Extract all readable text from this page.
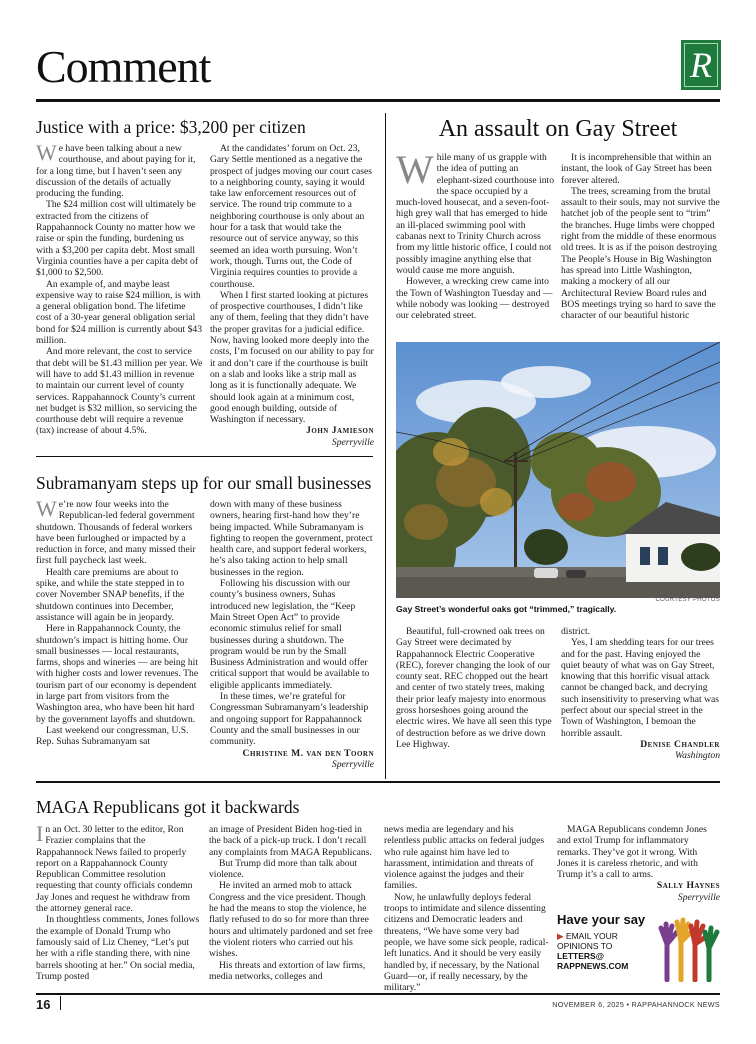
Comment	R
Justice with a price: $3,200 per citizen

We have been talking about a new courthouse, and about paying for it, for a long time, but I haven’t seen any discussion of the details of actually producing the funding.

The $24 million cost will ultimately be extracted from the citizens of Rappahannock County no matter how we raise or spin the funding, burdening us with a $3,200 per capita debt. Most small Virginia counties have a per capita debt of $1,000 to $2,500.

An example of, and maybe least expensive way to raise $24 million, is with a general obligation bond. The lifetime cost of a 30-year general obligation serial bond for $24 million is currently about $43 million.

And more relevant, the cost to service that debt will be $1.43 million per year. We will have to add $1.43 million in revenue to maintain our current level of county services. Rappahannock County’s current net budget is $32 million, so servicing the courthouse debt will require a revenue (tax) increase of about 4.5%.

At the candidates’ forum on Oct. 23, Gary Settle mentioned as a negative the prospect of judges moving our court cases to a neighboring county, saying it would take law enforcement resources out of service. The round trip commute to a neighboring courthouse is only about an hour for a task that would take the resource out of service anyway, so this seemed an idea worth pursuing. Won’t work, though. Turns out, the Code of Virginia requires counties to provide a courthouse.

When I first started looking at pictures of prospective courthouses, I didn’t like any of them, feeling that they didn’t have the proper gravitas for a judicial edifice. Now, having looked more deeply into the costs, I’m focused on our ability to pay for it and don’t care if the courthouse is built on a slab and looks like a strip mall as long as it is functionally adequate. We should look again at a minimum cost, good enough building, outside of Washington if necessary.

John Jamieson
Sperryville
An assault on Gay Street

While many of us grapple with the idea of putting an elephant-sized courthouse into the space occupied by a much-loved housecat, and a seven-foot-high grey wall that has emerged to hide an ill-placed swimming pool with cabanas next to Trinity Church across from my little historic office, I could not possibly imagine anything else that would cause me more anguish.

However, a wrecking crew came into the Town of Washington Tuesday and — while nobody was looking — destroyed our celebrated street.

It is incomprehensible that within an instant, the look of Gay Street has been forever altered.

The trees, screaming from the brutal assault to their souls, may not survive the hatchet job of the people sent to “trim” the branches. Huge limbs were chopped right from the middle of these enormous old trees. It is as if the poison destroying The People’s House in Big Washington has spread into Little Washington, making a mockery of all our Architectural Review Board rules and BOS meetings trying so hard to save the character of our beautiful historic

COURTESY PHOTOS
Gay Street’s wonderful oaks got “trimmed,” tragically.

Beautiful, full-crowned oak trees on Gay Street were decimated by Rappahannock Electric Cooperative (REC), forever changing the look of our county seat. REC chopped out the heart and center of two stately trees, making their prior leafy majesty into enormous gross horseshoes going around the electric wires. We have all seen this type of destruction before as we drive down Lee Highway.

district.

Yes, I am shedding tears for our trees and for the past. Having enjoyed the quiet beauty of what was on Gay Street, knowing that this horrific visual attack cannot be changed back, and decrying such insensitivity to preserving what was perfect about our special street in the Town of Washington, I bemoan the horrible assault.

Denise Chandler
Washington
Subramanyam steps up for our small businesses

We’re now four weeks into the Republican-led federal government shutdown. Thousands of federal workers have been furloughed or impacted by a reduction in force, and many missed their first full paycheck last week.

Health care premiums are about to spike, and while the state stepped in to cover November SNAP benefits, if the shutdown continues into December, assistance will again be in jeopardy.

Here in Rappahannock County, the shutdown’s impact is hitting home. Our small businesses — local restaurants, farms, shops and wineries — are being hit with higher costs and lower revenues. The tourism part of our economy is dependent in large part from visitors from the Washington area, who have been hit hard by the government layoffs and shutdown.

Last weekend our congressman, U.S. Rep. Suhas Subramanyam sat

down with many of these business owners, hearing first-hand how they’re being impacted. While Subramanyam is fighting to reopen the government, protect health care, and support federal workers, he’s also taking action to help small businesses in the region.

Following his discussion with our county’s business owners, Suhas introduced new legislation, the “Keep Main Street Open Act” to provide economic stimulus relief for small businesses during a shutdown. The program would be run by the Small Business Administration and would offer critical support that would be available to eligible applicants immediately.

In these times, we’re grateful for Congressman Subramanyam’s leadership and ongoing support for Rappahannock County and the small businesses in our community.

Christine M. van den Toorn
Sperryville
MAGA Republicans got it backwards

In an Oct. 30 letter to the editor, Ron Frazier complains that the Rappahannock News failed to properly report on a Rappahannock County Republican Committee resolution requesting that county officials condemn Jay Jones and request he withdraw from the attorney general race.

In thoughtless comments, Jones follows the example of Donald Trump who famously said of Liz Cheney, “Let’s put her with a rifle standing there, with nine barrels shooting at her.” On social media, Trump posted

an image of President Biden hog-tied in the back of a pick-up truck. I don’t recall any complaints from MAGA Republicans.

But Trump did more than talk about violence.

He invited an armed mob to attack Congress and the vice president. Though he had the means to stop the violence, he flatly refused to do so for more than three hours and ultimately pardoned and set free the violent rioters who carried out his wishes.

His threats and extortion of law firms, media networks, colleges and

news media are legendary and his relentless public attacks on federal judges who rule against him have led to harassment, intimidation and threats of violence against the judges and their families.

Now, he unlawfully deploys federal troops to intimidate and silence dissenting citizens and Democratic leaders and threatens, “We have some very bad people, we have some sick people, radical-left lunatics. And it should be very easily handled by, if necessary, by the National Guard—or, if really necessary, by the military.”

MAGA Republicans condemn Jones and extol Trump for inflammatory remarks. They’ve got it wrong. With Jones it is careless rhetoric, and with Trump it’s a call to arms.

Sally Haynes
Sperryville
Have your say
▶ EMAIL YOUR
OPINIONS TO
LETTERS@
RAPPNEWS.COM
16	NOVEMBER 6, 2025 • RAPPAHANNOCK NEWS
